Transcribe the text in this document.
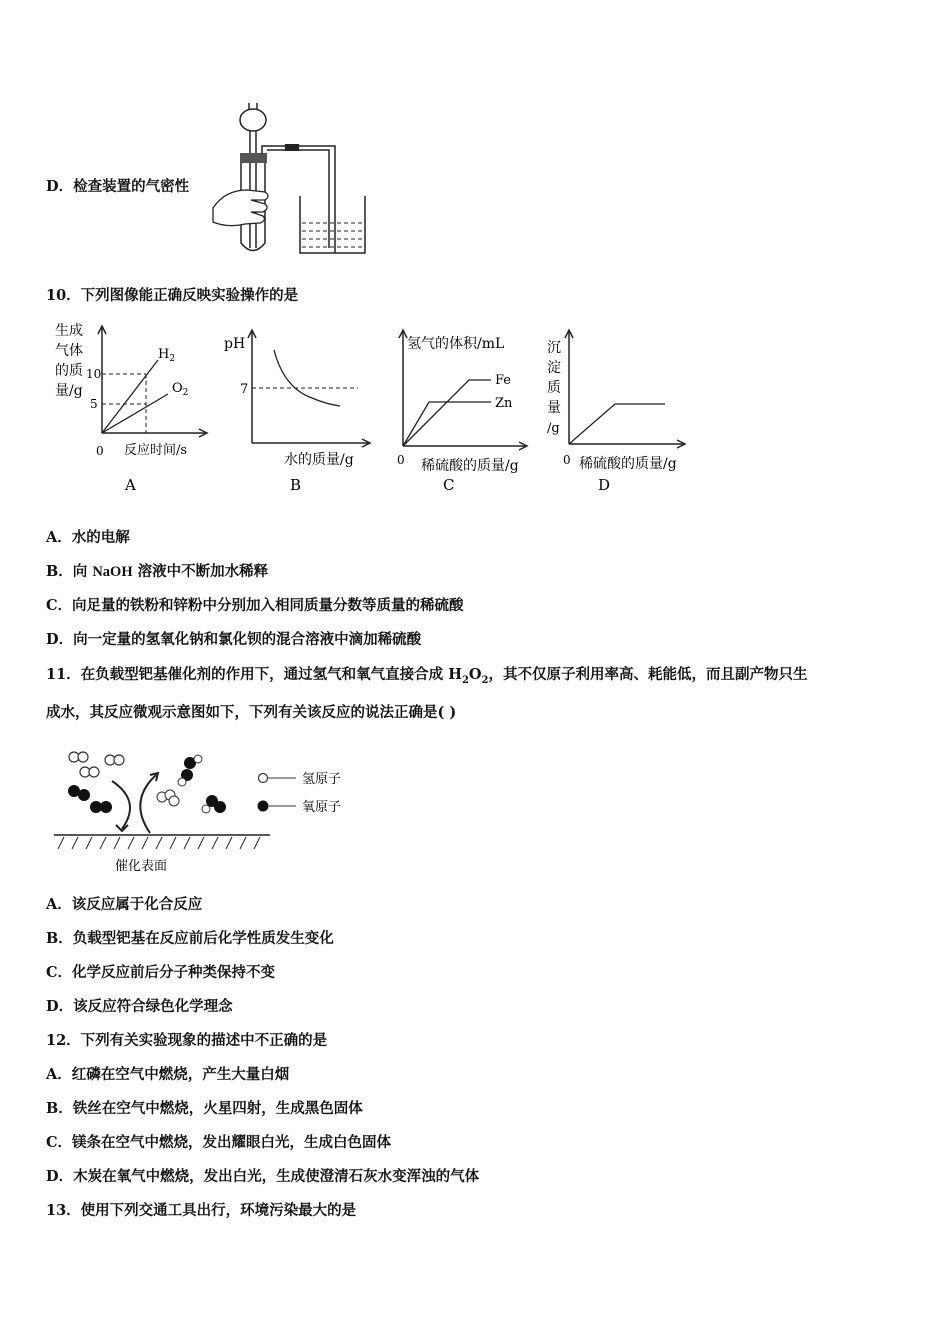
D．检查装置的气密性
10．下列图像能正确反映实验操作的是
生成
气体
的质
量/g
10
5
0
$H_2$
$O_2$
反应时间/s
A
pH
7
水的质量/g
B
氢气的体积/mL
Fe
Zn
0 稀硫酸的质量/g
C
沉
淀
质
量
/g
0 稀硫酸的质量/g
D
A．水的电解
B．向 NaOH 溶液中不断加水稀释
C．向足量的铁粉和锌粉中分别加入相同质量分数等质量的稀硫酸
D．向一定量的氢氧化钠和氯化钡的混合溶液中滴加稀硫酸
11．在负载型钯基催化剂的作用下，通过氢气和氧气直接合成 $H_2O_2$，其不仅原子利用率高、耗能低，而且副产物只生
成水，其反应微观示意图如下，下列有关该反应的说法正确是( )
催化表面
氢原子
氧原子
A．该反应属于化合反应
B．负载型钯基在反应前后化学性质发生变化
C．化学反应前后分子种类保持不变
D．该反应符合绿色化学理念
12．下列有关实验现象的描述中不正确的是
A．红磷在空气中燃烧，产生大量白烟
B．铁丝在空气中燃烧，火星四射，生成黑色固体
C．镁条在空气中燃烧，发出耀眼白光，生成白色固体
D．木炭在氧气中燃烧，发出白光，生成使澄清石灰水变浑浊的气体
13．使用下列交通工具出行，环境污染最大的是
